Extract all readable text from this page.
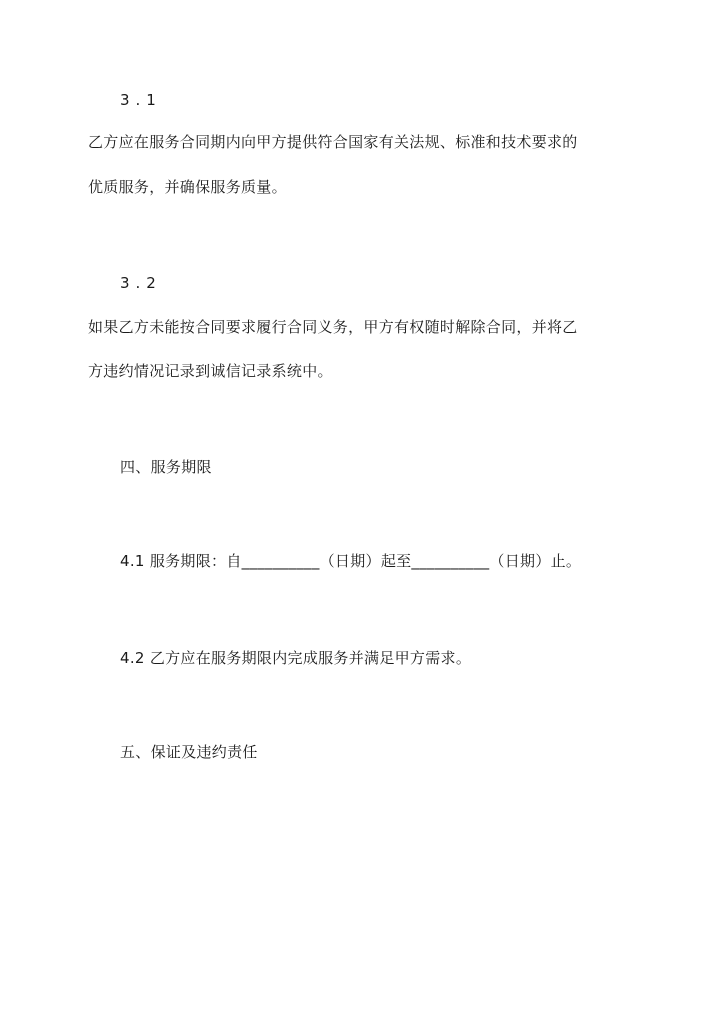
3.1
乙方应在服务合同期内向甲方提供符合国家有关法规、标准和技术要求的
优质服务，并确保服务质量。
3.2
如果乙方未能按合同要求履行合同义务，甲方有权随时解除合同，并将乙
方违约情况记录到诚信记录系统中。
四、服务期限
4.1 服务期限：自__________（日期）起至__________（日期）止。
4.2 乙方应在服务期限内完成服务并满足甲方需求。
五、保证及违约责任
